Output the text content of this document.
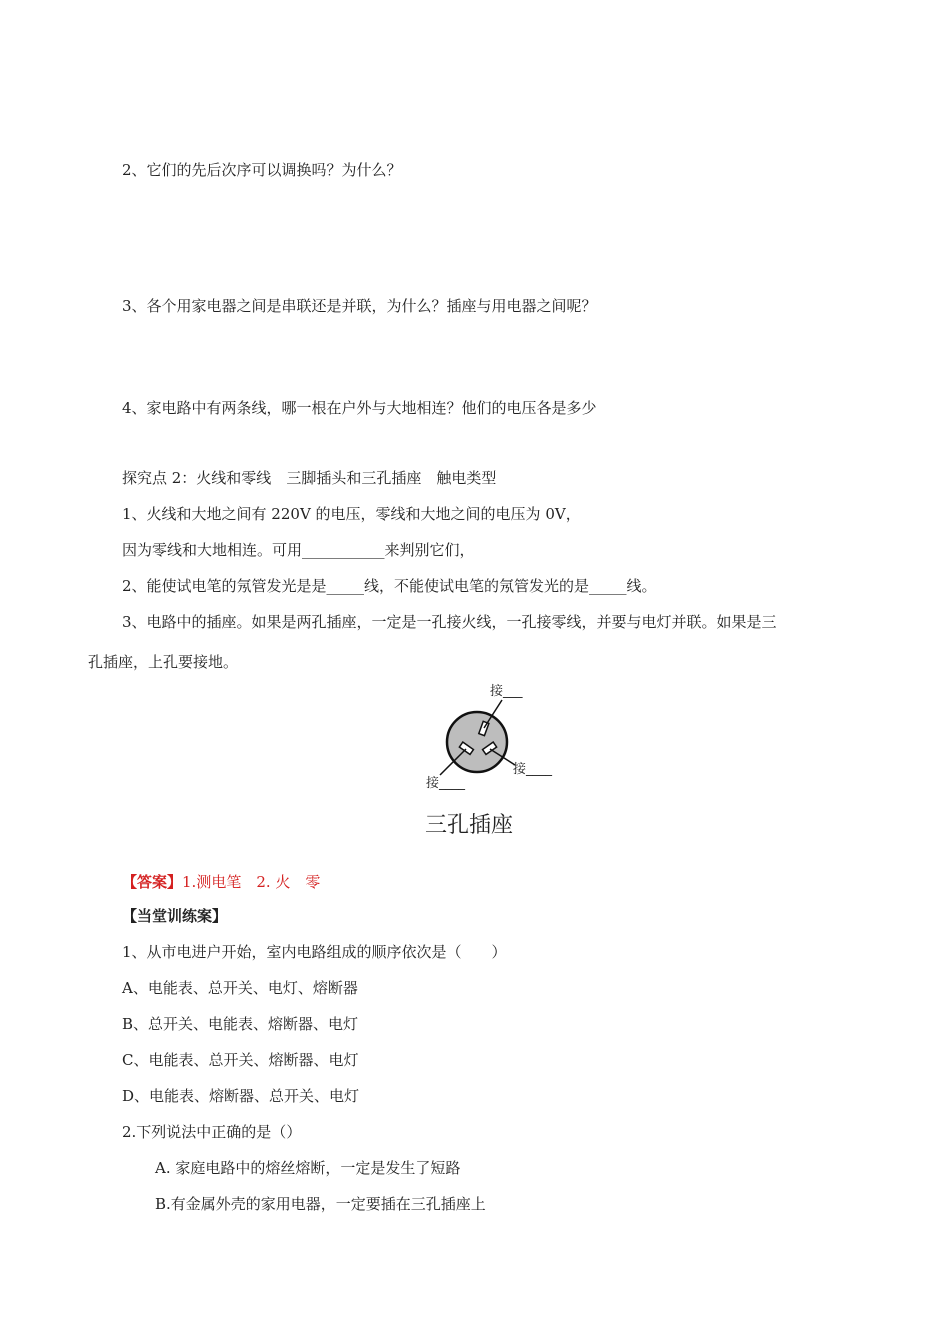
2、它们的先后次序可以调换吗？为什么？
3、各个用家电器之间是串联还是并联，为什么？插座与用电器之间呢？
4、家电路中有两条线，哪一根在户外与大地相连？他们的电压各是多少
探究点 2：火线和零线　三脚插头和三孔插座　触电类型
1、火线和大地之间有 220V 的电压，零线和大地之间的电压为 0V，
因为零线和大地相连。可用___________来判别它们，
2、能使试电笔的氖管发光是是_____线，不能使试电笔的氖管发光的是_____线。
3、电路中的插座。如果是两孔插座，一定是一孔接火线，一孔接零线，并要与电灯并联。如果是三
孔插座，上孔要接地。
接___
接____
接____
三孔插座
【答案】1.测电笔　2. 火　零
【当堂训练案】
1、从市电进户开始，室内电路组成的顺序依次是（　　）
A、电能表、总开关、电灯、熔断器
B、总开关、电能表、熔断器、电灯
C、电能表、总开关、熔断器、电灯
D、电能表、熔断器、总开关、电灯
2.下列说法中正确的是（）
A. 家庭电路中的熔丝熔断，一定是发生了短路
B.有金属外壳的家用电器，一定要插在三孔插座上
